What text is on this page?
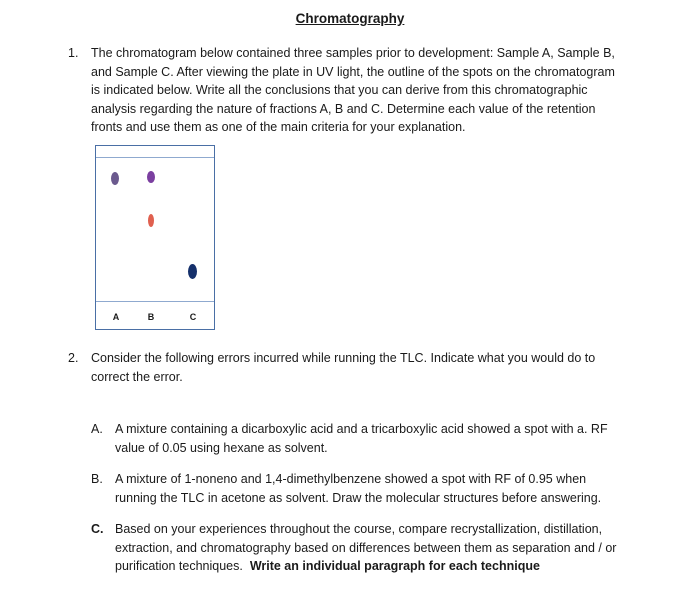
Chromatography
1. The chromatogram below contained three samples prior to development: Sample A, Sample B,
and Sample C. After viewing the plate in UV light, the outline of the spots on the chromatogram
is indicated below. Write all the conclusions that you can derive from this chromatographic
analysis regarding the nature of fractions A, B and C. Determine each value of the retention
fronts and use them as one of the main criteria for your explanation.
A	B	C
2. Consider the following errors incurred while running the TLC. Indicate what you would do to
correct the error.
A. A mixture containing a dicarboxylic acid and a tricarboxylic acid showed a spot with a. RF
value of 0.05 using hexane as solvent.
B. A mixture of 1-noneno and 1,4-dimethylbenzene showed a spot with RF of 0.95 when
running the TLC in acetone as solvent. Draw the molecular structures before answering.
C. Based on your experiences throughout the course, compare recrystallization, distillation,
extraction, and chromatography based on differences between them as separation and / or
purification techniques. Write an individual paragraph for each technique
